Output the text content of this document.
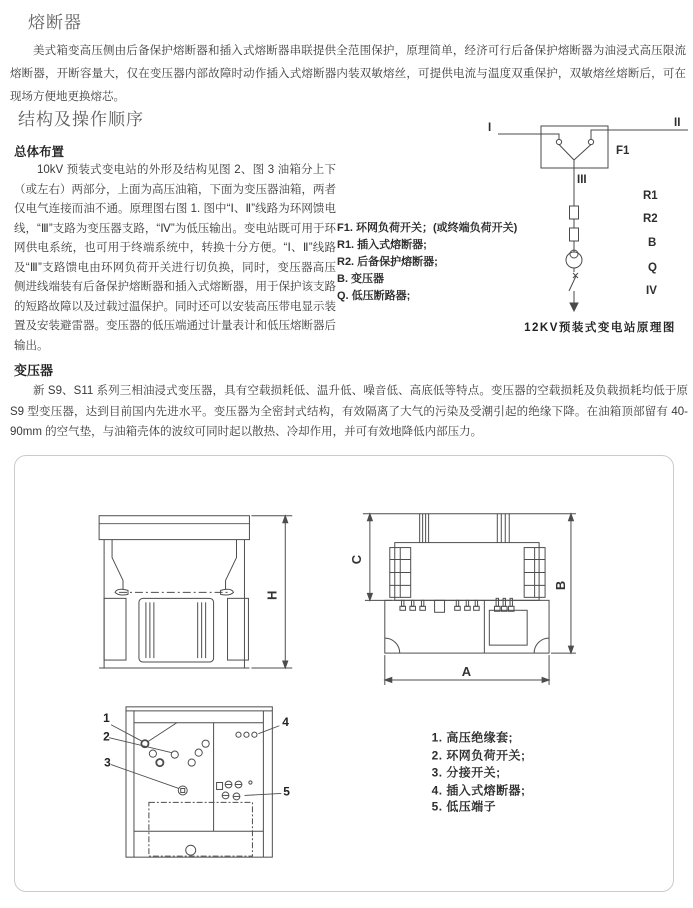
熔断器

美式箱变高压侧由后备保护熔断器和插入式熔断器串联提供全范围保护，原理简单，经济可行后备保护熔断器为油浸式高压限流熔断器，开断容量大，仅在变压器内部故障时动作插入式熔断器内装双敏熔丝，可提供电流与温度双重保护，双敏熔丝熔断后，可在现场方便地更换熔芯。

结构及操作顺序
总体布置

10kV 预装式变电站的外形及结构见图 2、图 3 油箱分上下（或左右）两部分，上面为高压油箱，下面为变压器油箱，两者仅电气连接而油不通。原理图右图 1. 图中“Ⅰ、Ⅱ”线路为环网馈电线，“Ⅲ”支路为变压器支路，“Ⅳ”为低压输出。变电站既可用于环网供电系统，也可用于终端系统中，转换十分方便。“Ⅰ、Ⅱ”线路及“Ⅲ”支路馈电由环网负荷开关进行切负换，同时，变压器高压侧进线端装有后备保护熔断器和插入式熔断器，用于保护该支路的短路故障以及过载过温保护。同时还可以安装高压带电显示装置及安装避雷器。变压器的低压端通过计量表计和低压熔断器后输出。

I	II
III
F1
R1
R2
B
Q
IV
F1. 环网负荷开关；(或终端负荷开关)
R1. 插入式熔断器;
R2. 后备保护熔断器;
B. 变压器
Q. 低压断路器;
12KV预装式变电站原理图
变压器

新 S9、S11 系列三相油浸式变压器，具有空载损耗低、温升低、噪音低、高底低等特点。变压器的空载损耗及负载损耗均低于原 S9 型变压器，达到目前国内先进水平。变压器为全密封式结构，有效隔离了大气的污染及受潮引起的绝缘下降。在油箱顶部留有 40-90mm 的空气垫，与油箱壳体的波纹可同时起以散热、冷却作用，并可有效地降低内部压力。

H
C
B
A
1
2
3
4
5
1. 高压绝缘套;
2. 环网负荷开关;
3. 分接开关;
4. 插入式熔断器;
5. 低压端子
